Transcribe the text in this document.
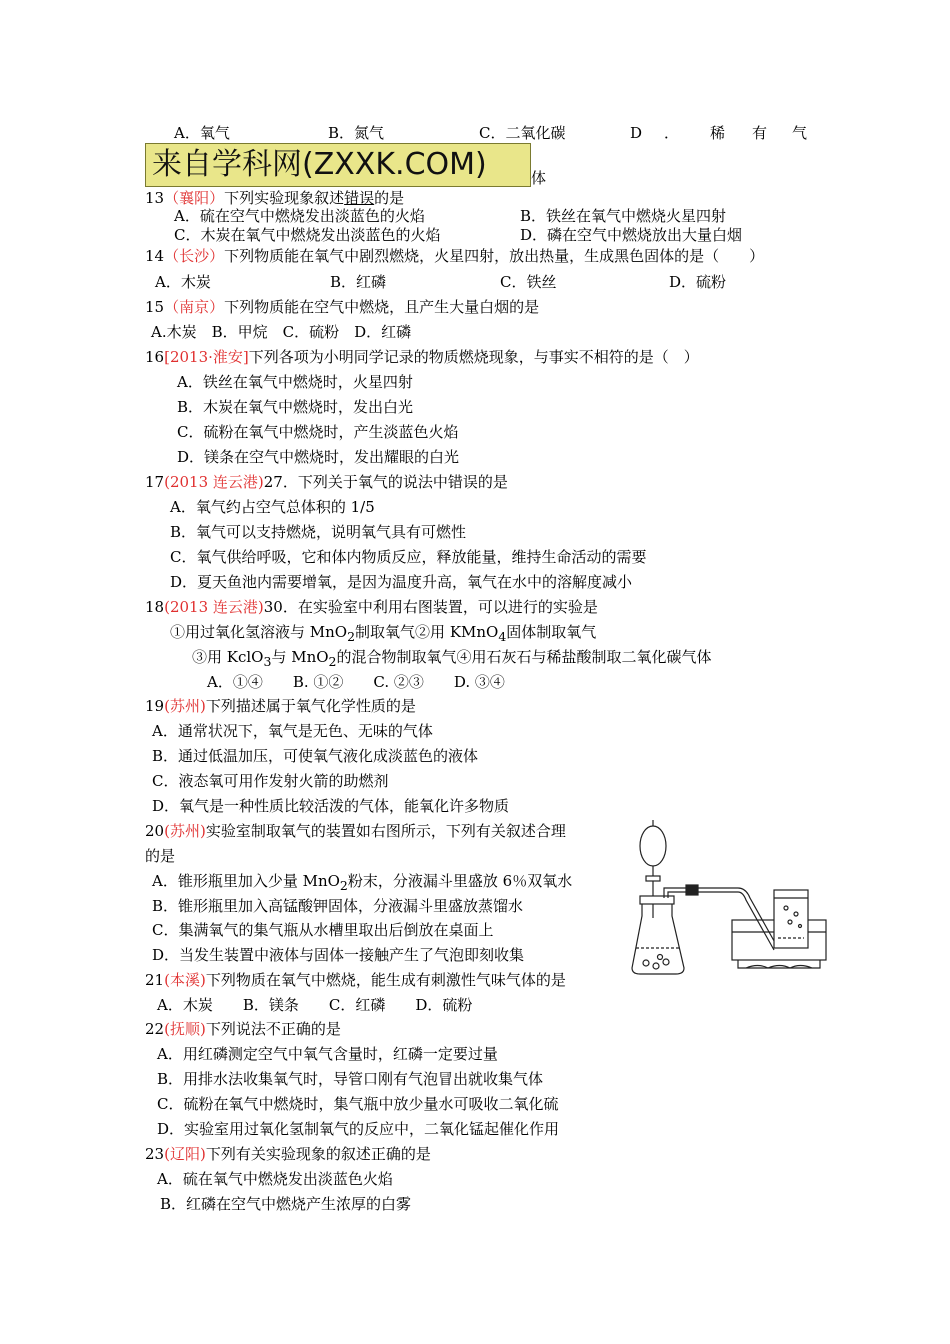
A．氧气	B．氮气	C．二氧化碳	D ． 稀 有 气
来自学科网(ZXXK.COM)	体
13（襄阳）下列实验现象叙述错误的是
A．硫在空气中燃烧发出淡蓝色的火焰	B．铁丝在氧气中燃烧火星四射
C．木炭在氧气中燃烧发出淡蓝色的火焰	D．磷在空气中燃烧放出大量白烟
14（长沙）下列物质能在氧气中剧烈燃烧，火星四射，放出热量，生成黑色固体的是（　　）
A．木炭	B．红磷	C．铁丝	D．硫粉
15（南京）下列物质能在空气中燃烧，且产生大量白烟的是
A.木炭　B．甲烷　C．硫粉　D．红磷
16[2013·淮安]下列各项为小明同学记录的物质燃烧现象，与事实不相符的是（　）
A．铁丝在氧气中燃烧时，火星四射
B．木炭在氧气中燃烧时，发出白光
C．硫粉在氧气中燃烧时，产生淡蓝色火焰
D．镁条在空气中燃烧时，发出耀眼的白光
17(2013 连云港)27．下列关于氧气的说法中错误的是
A．氧气约占空气总体积的 1/5
B．氧气可以支持燃烧，说明氧气具有可燃性
C．氧气供给呼吸，它和体内物质反应，释放能量，维持生命活动的需要
D．夏天鱼池内需要增氧，是因为温度升高，氧气在水中的溶解度减小
18(2013 连云港)30．在实验室中利用右图装置，可以进行的实验是
①用过氧化氢溶液与 MnO$_2$制取氧气②用 KMnO$_4$固体制取氧气
③用 KclO$_3$与 MnO$_2$的混合物制取氧气④用石灰石与稀盐酸制取二氧化碳气体
A．①④　　B. ①②　　C. ②③　　D. ③④
19(苏州)下列描述属于氧气化学性质的是
A．通常状况下，氧气是无色、无味的气体
B．通过低温加压，可使氧气液化成淡蓝色的液体
C．液态氧可用作发射火箭的助燃剂
D．氧气是一种性质比较活泼的气体，能氧化许多物质
20(苏州)实验室制取氧气的装置如右图所示，下列有关叙述合理
的是
A．锥形瓶里加入少量 MnO$_2$粉末，分液漏斗里盛放 6％双氧水
B．锥形瓶里加入高锰酸钾固体，分液漏斗里盛放蒸馏水
C．集满氧气的集气瓶从水槽里取出后倒放在桌面上
D．当发生装置中液体与固体一接触产生了气泡即刻收集
21(本溪)下列物质在氧气中燃烧，能生成有刺激性气味气体的是
A．木炭　　B．镁条　　C．红磷　　D．硫粉
22(抚顺)下列说法不正确的是
A．用红磷测定空气中氧气含量时，红磷一定要过量
B．用排水法收集氧气时，导管口刚有气泡冒出就收集气体
C．硫粉在氧气中燃烧时，集气瓶中放少量水可吸收二氧化硫
D．实验室用过氧化氢制氧气的反应中，二氧化锰起催化作用
23(辽阳)下列有关实验现象的叙述正确的是
A．硫在氧气中燃烧发出淡蓝色火焰
B．红磷在空气中燃烧产生浓厚的白雾
